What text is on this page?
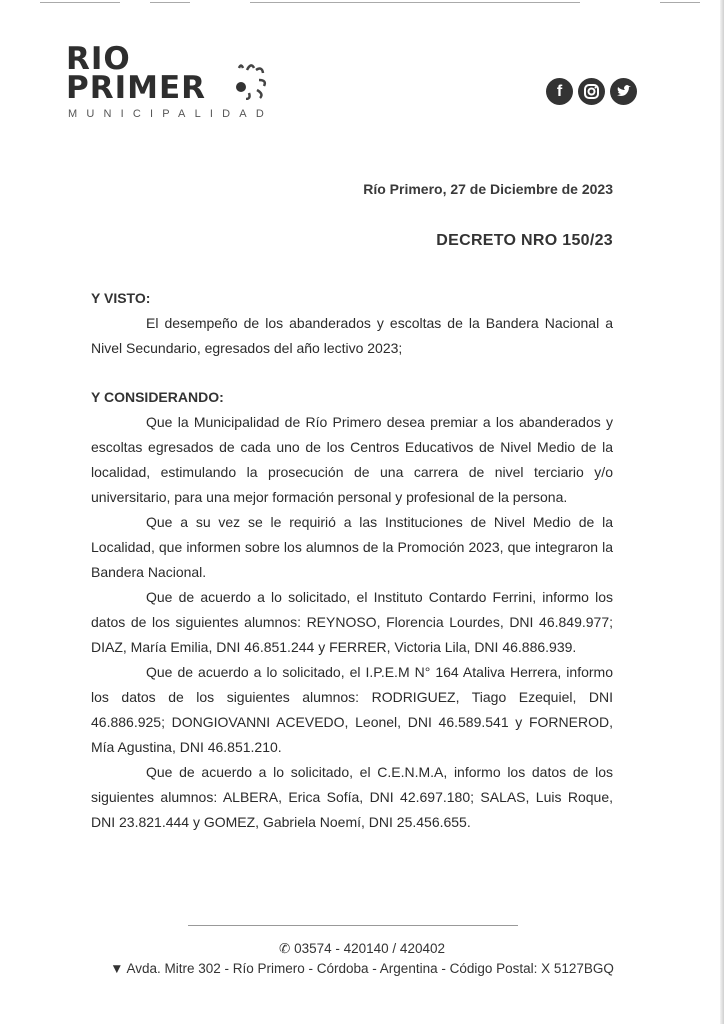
RIO
PRIMER
MUNICIPALIDAD
f
Río Primero, 27 de Diciembre de 2023
DECRETO NRO 150/23
Y VISTO:

El desempeño de los abanderados y escoltas de la Bandera Nacional a Nivel Secundario, egresados del año lectivo 2023;

Y CONSIDERANDO:

Que la Municipalidad de Río Primero desea premiar a los abanderados y escoltas egresados de cada uno de los Centros Educativos de Nivel Medio de la localidad, estimulando la prosecución de una carrera de nivel terciario y/o universitario, para una mejor formación personal y profesional de la persona.

Que a su vez se le requirió a las Instituciones de Nivel Medio de la Localidad, que informen sobre los alumnos de la Promoción 2023, que integraron la Bandera Nacional.

Que de acuerdo a lo solicitado, el Instituto Contardo Ferrini, informo los datos de los siguientes alumnos: REYNOSO, Florencia Lourdes, DNI 46.849.977; DIAZ, María Emilia, DNI 46.851.244 y FERRER, Victoria Lila, DNI 46.886.939.

Que de acuerdo a lo solicitado, el I.P.E.M N° 164 Ataliva Herrera, informo los datos de los siguientes alumnos: RODRIGUEZ, Tiago Ezequiel, DNI 46.886.925; DONGIOVANNI ACEVEDO, Leonel, DNI 46.589.541 y FORNEROD, Mía Agustina, DNI 46.851.210.

Que de acuerdo a lo solicitado, el C.E.N.M.A, informo los datos de los siguientes alumnos: ALBERA, Erica Sofía, DNI 42.697.180; SALAS, Luis Roque, DNI 23.821.444 y GOMEZ, Gabriela Noemí, DNI 25.456.655.

✆ 03574 - 420140 / 420402
▼ Avda. Mitre 302 - Río Primero - Córdoba - Argentina - Código Postal: X 5127BGQ
